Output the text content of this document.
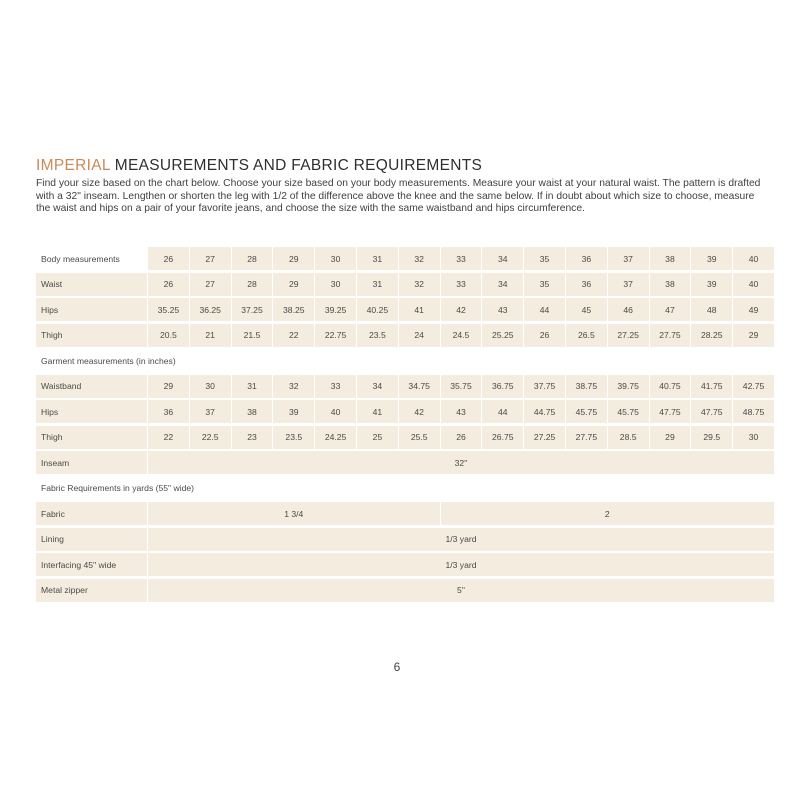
IMPERIAL MEASUREMENTS AND FABRIC REQUIREMENTS

Find your size based on the chart below. Choose your size based on your body measurements. Measure your waist at your natural waist. The pattern is drafted with a 32" inseam. Lengthen or shorten the leg with 1/2 of the difference above the knee and the same below. If in doubt about which size to choose, measure the waist and hips on a pair of your favorite jeans, and choose the size with the same waistband and hips circumference.

Body measurements	26	27	28	29	30	31	32	33	34	35	36	37	38	39	40
Waist	26	27	28	29	30	31	32	33	34	35	36	37	38	39	40
Hips	35.25	36.25	37.25	38.25	39.25	40.25	41	42	43	44	45	46	47	48	49
Thigh	20.5	21	21.5	22	22.75	23.5	24	24.5	25.25	26	26.5	27.25	27.75	28.25	29
Garment measurements (in inches)
Waistband	29	30	31	32	33	34	34.75	35.75	36.75	37.75	38.75	39.75	40.75	41.75	42.75
Hips	36	37	38	39	40	41	42	43	44	44.75	45.75	45.75	47.75	47.75	48.75
Thigh	22	22.5	23	23.5	24.25	25	25.5	26	26.75	27.25	27.75	28.5	29	29.5	30
Inseam	32"
Fabric Requirements in yards (55" wide)
Fabric	1 3/4	2
Lining	1/3 yard
Interfacing 45" wide	1/3 yard
Metal zipper	5"
6
